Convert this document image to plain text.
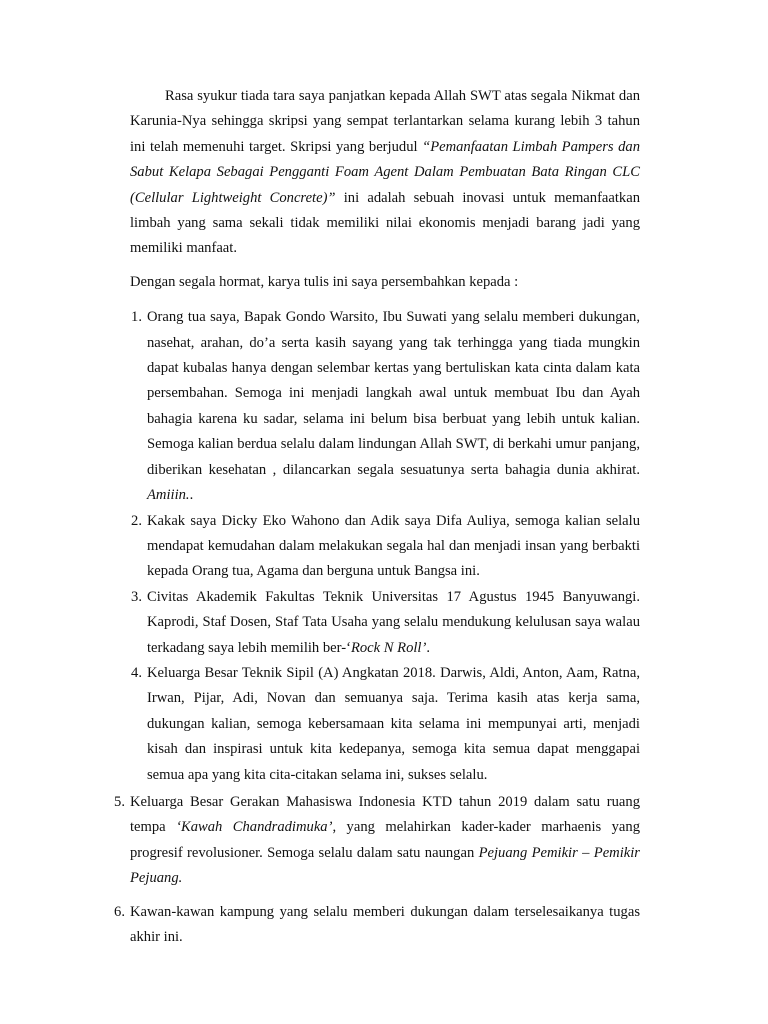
Rasa syukur tiada tara saya panjatkan kepada Allah SWT atas segala Nikmat dan Karunia-Nya sehingga skripsi yang sempat terlantarkan selama kurang lebih 3 tahun ini telah memenuhi target. Skripsi yang berjudul “Pemanfaatan Limbah Pampers dan Sabut Kelapa Sebagai Pengganti Foam Agent Dalam Pembuatan Bata Ringan CLC (Cellular Lightweight Concrete)” ini adalah sebuah inovasi untuk memanfaatkan limbah yang sama sekali tidak memiliki nilai ekonomis menjadi barang jadi yang memiliki manfaat.

Dengan segala hormat, karya tulis ini saya persembahkan kepada :

1. Orang tua saya, Bapak Gondo Warsito, Ibu Suwati yang selalu memberi dukungan, nasehat, arahan, do’a serta kasih sayang yang tak terhingga yang tiada mungkin dapat kubalas hanya dengan selembar kertas yang bertuliskan kata cinta dalam kata persembahan. Semoga ini menjadi langkah awal untuk membuat Ibu dan Ayah bahagia karena ku sadar, selama ini belum bisa berbuat yang lebih untuk kalian. Semoga kalian berdua selalu dalam lindungan Allah SWT, di berkahi umur panjang, diberikan kesehatan , dilancarkan segala sesuatunya serta bahagia dunia akhirat. Amiiin..
2. Kakak saya Dicky Eko Wahono dan Adik saya Difa Auliya, semoga kalian selalu mendapat kemudahan dalam melakukan segala hal dan menjadi insan yang berbakti kepada Orang tua, Agama dan berguna untuk Bangsa ini.
3. Civitas Akademik Fakultas Teknik Universitas 17 Agustus 1945 Banyuwangi. Kaprodi, Staf Dosen, Staf Tata Usaha yang selalu mendukung kelulusan saya walau terkadang saya lebih memilih ber-‘Rock N Roll’.
4. Keluarga Besar Teknik Sipil (A) Angkatan 2018. Darwis, Aldi, Anton, Aam, Ratna, Irwan, Pijar, Adi, Novan dan semuanya saja. Terima kasih atas kerja sama, dukungan kalian, semoga kebersamaan kita selama ini mempunyai arti, menjadi kisah dan inspirasi untuk kita kedepanya, semoga kita semua dapat menggapai semua apa yang kita cita-citakan selama ini, sukses selalu.
5. Keluarga Besar Gerakan Mahasiswa Indonesia KTD tahun 2019 dalam satu ruang tempa ‘Kawah Chandradimuka’, yang melahirkan kader-kader marhaenis yang progresif revolusioner. Semoga selalu dalam satu naungan Pejuang Pemikir – Pemikir Pejuang.
6. Kawan-kawan kampung yang selalu memberi dukungan dalam terselesaikanya tugas akhir ini.
